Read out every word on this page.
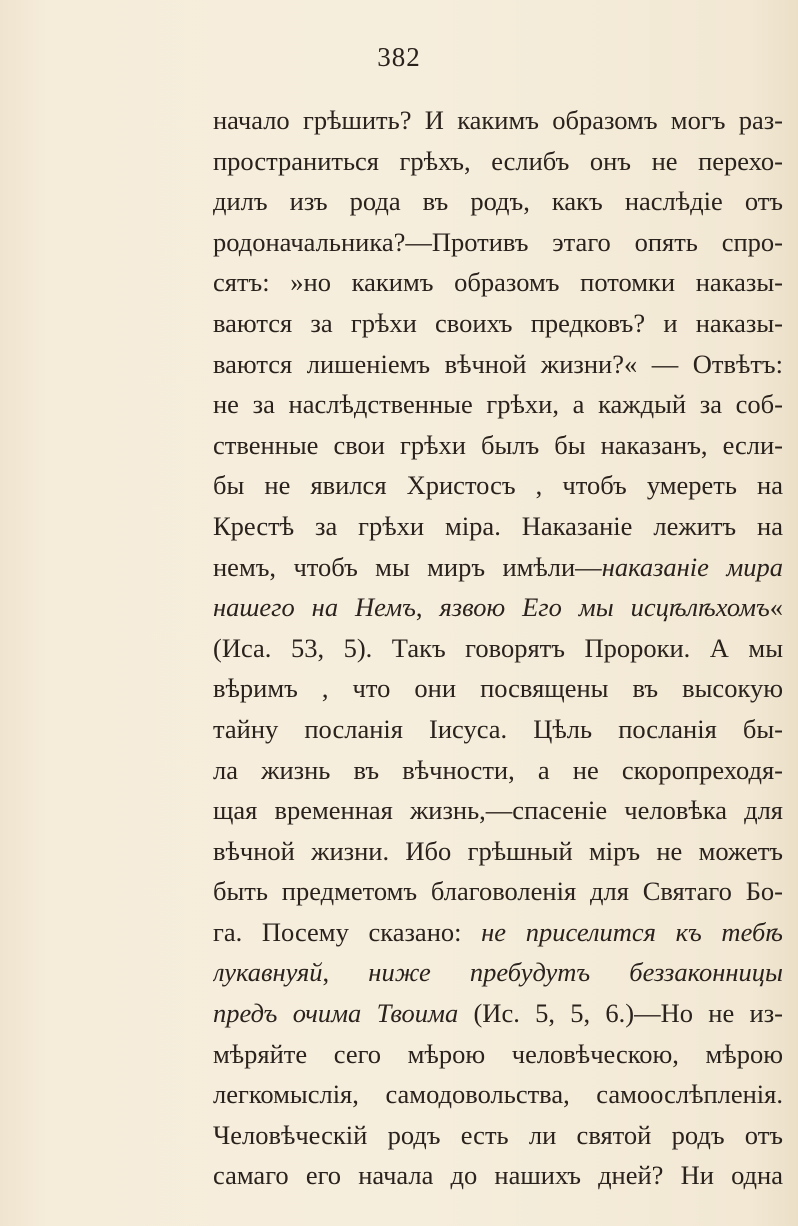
382
начало грѣшить? И какимъ образомъ могъ раз-
пространиться грѣхъ, еслибъ онъ не перехо-
дилъ изъ рода въ родъ, какъ наслѣдіе отъ
родоначальника?—Противъ этаго опять спро-
сятъ: »но какимъ образомъ потомки наказы-
ваются за грѣхи своихъ предковъ? и наказы-
ваются лишеніемъ вѣчной жизни?« — Отвѣтъ:
не за наслѣдственные грѣхи, а каждый за соб-
ственные свои грѣхи былъ бы наказанъ, если-
бы не явился Христосъ , чтобъ умереть на
Крестѣ за грѣхи міра. Наказаніе лежитъ на
немъ, чтобъ мы миръ имѣли—наказаніе мира
нашего на Немъ, язвою Его мы исцѣлѣхомъ«
(Иса. 53, 5). Такъ говорятъ Пророки. А мы
вѣримъ , что они посвящены въ высокую
тайну посланія Іисуса. Цѣль посланія бы-
ла жизнь въ вѣчности, а не скоропреходя-
щая временная жизнь,—спасеніе человѣка для
вѣчной жизни. Ибо грѣшный міръ не можетъ
быть предметомъ благоволенія для Святаго Бо-
га. Посему сказано: не приселится къ тебѣ
лукавнуяй, ниже пребудутъ беззаконницы
предъ очима Твоима (Ис. 5, 5, 6.)—Но не из-
мѣряйте сего мѣрою человѣческою, мѣрою
легкомыслія, самодовольства, самоослѣпленія.
Человѣческій родъ есть ли святой родъ отъ
самаго его начала до нашихъ дней? Ни одна
